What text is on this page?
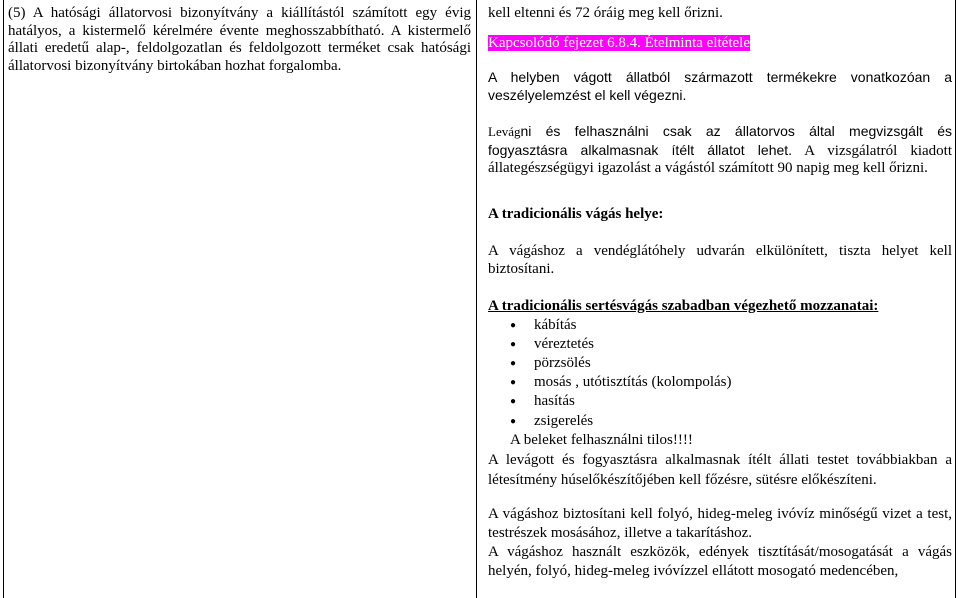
(5) A hatósági állatorvosi bizonyítvány a kiállítástól számított egy évig hatályos, a kistermelő kérelmére évente meghosszabbítható. A kistermelő állati eredetű alap-, feldolgozatlan és feldolgozott terméket csak hatósági állatorvosi bizonyítvány birtokában hozhat forgalomba.

kell eltenni és 72 óráig meg kell őrizni.

Kapcsolódó fejezet 6.8.4. Ételminta eltétele

A helyben vágott állatból származott termékekre vonatkozóan a veszélyelemzést el kell végezni.

Levágni és felhasználni csak az állatorvos által megvizsgált és fogyasztásra alkalmasnak ítélt állatot lehet. A vizsgálatról kiadott állategészségügyi igazolást a vágástól számított 90 napig meg kell őrizni.

A tradicionális vágás helye:

A vágáshoz a vendéglátóhely udvarán elkülönített, tiszta helyet kell biztosítani.

A tradicionális sertésvágás szabadban végezhető mozzanatai:

● kábítás
● véreztetés
● pörzsölés
● mosás , utótisztítás (kolompolás)
● hasítás
● zsigerelés

A beleket felhasználni tilos!!!!

A levágott és fogyasztásra alkalmasnak ítélt állati testet továbbiakban a létesítmény húselőkészítőjében kell főzésre, sütésre előkészíteni.

A vágáshoz biztosítani kell folyó, hideg-meleg ivóvíz minőségű vizet a test, testrészek mosásához, illetve a takarításhoz.

A vágáshoz használt eszközök, edények tisztítását/mosogatását a vágás helyén, folyó, hideg-meleg ivóvízzel ellátott mosogató medencében,
